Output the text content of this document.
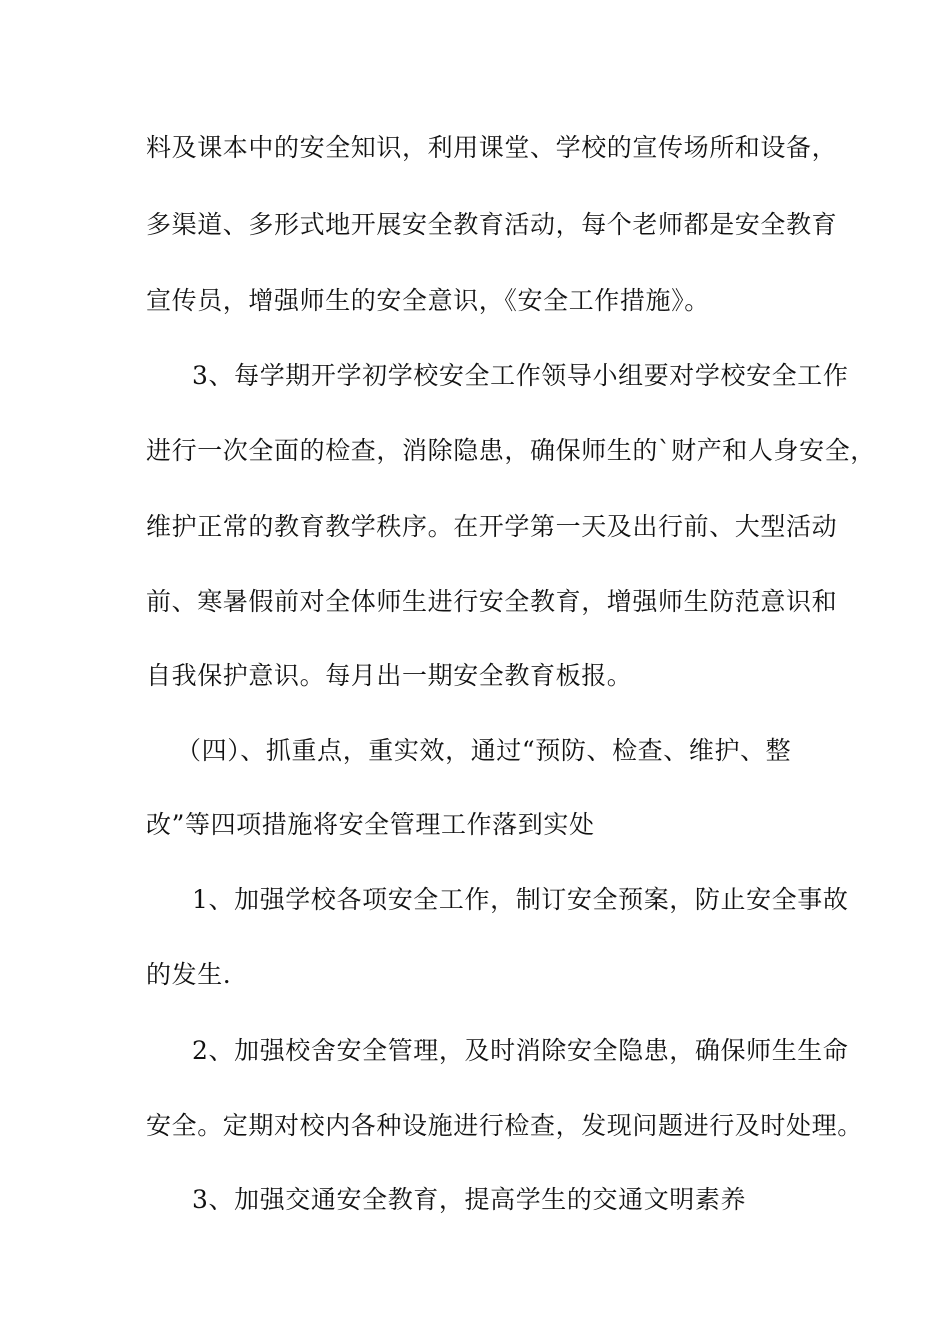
料及课本中的安全知识，利用课堂、学校的宣传场所和设备，
多渠道、多形式地开展安全教育活动，每个老师都是安全教育
宣传员，增强师生的安全意识，《安全工作措施》。
3、每学期开学初学校安全工作领导小组要对学校安全工作
进行一次全面的检查，消除隐患，确保师生的`财产和人身安全，
维护正常的教育教学秩序。在开学第一天及出行前、大型活动
前、寒暑假前对全体师生进行安全教育，增强师生防范意识和
自我保护意识。每月出一期安全教育板报。
（四）、抓重点，重实效，通过“预防、检查、维护、整
改”等四项措施将安全管理工作落到实处
1、加强学校各项安全工作，制订安全预案，防止安全事故
的发生.
2、加强校舍安全管理，及时消除安全隐患，确保师生生命
安全。定期对校内各种设施进行检查，发现问题进行及时处理。
3、加强交通安全教育，提高学生的交通文明素养
